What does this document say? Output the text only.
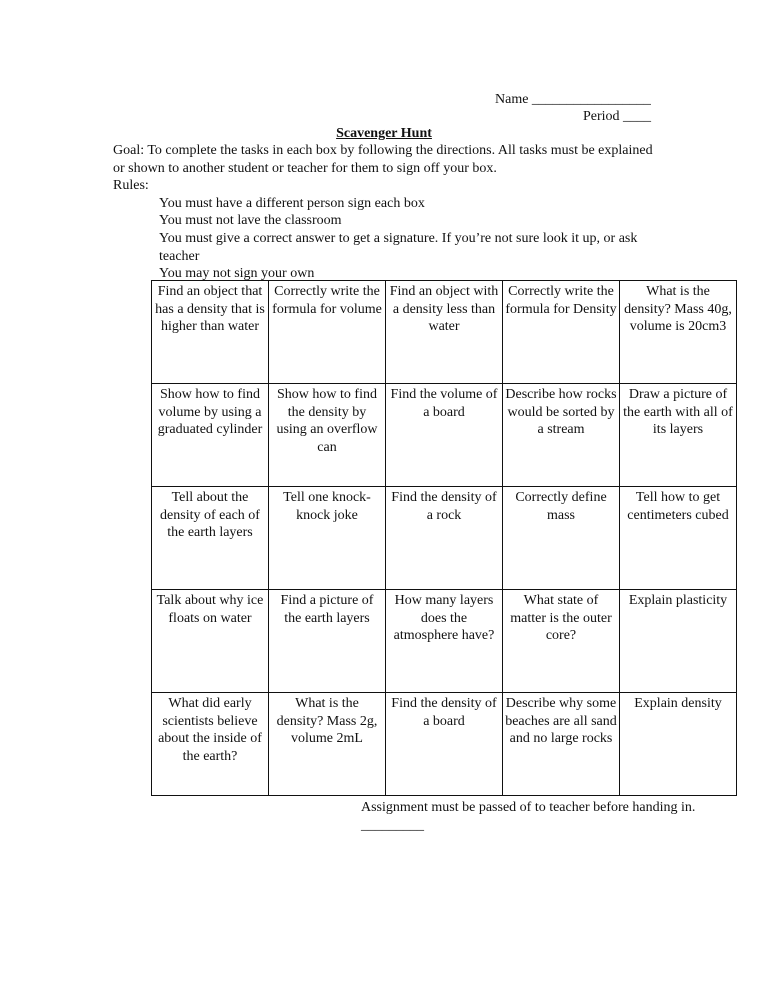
Name _________________
Period ____
Scavenger Hunt
Goal: To complete the tasks in each box by following the directions. All tasks must be explained or shown to another student or teacher for them to sign off your box.
Rules:
You must have a different person sign each box
You must not lave the classroom
You must give a correct answer to get a signature. If you’re not sure look it up, or ask teacher
You may not sign your own
Find an object that has a density that is higher than water	Correctly write the formula for volume	Find an object with a density less than water	Correctly write the formula for Density	What is the density? Mass 40g, volume is 20cm3
Show how to find volume by using a graduated cylinder	Show how to find the density by using an overflow can	Find the volume of a board	Describe how rocks would be sorted by a stream	Draw a picture of the earth with all of its layers
Tell about the density of each of the earth layers	Tell one knock-knock joke	Find the density of a rock	Correctly define mass	Tell how to get centimeters cubed
Talk about why ice floats on water	Find a picture of the earth layers	How many layers does the atmosphere have?	What state of matter is the outer core?	Explain plasticity
What did early scientists believe about the inside of the earth?	What is the density? Mass 2g, volume 2mL	Find the density of a board	Describe why some beaches are all sand and no large rocks	Explain density
Assignment must be passed of to teacher before handing in. _________
